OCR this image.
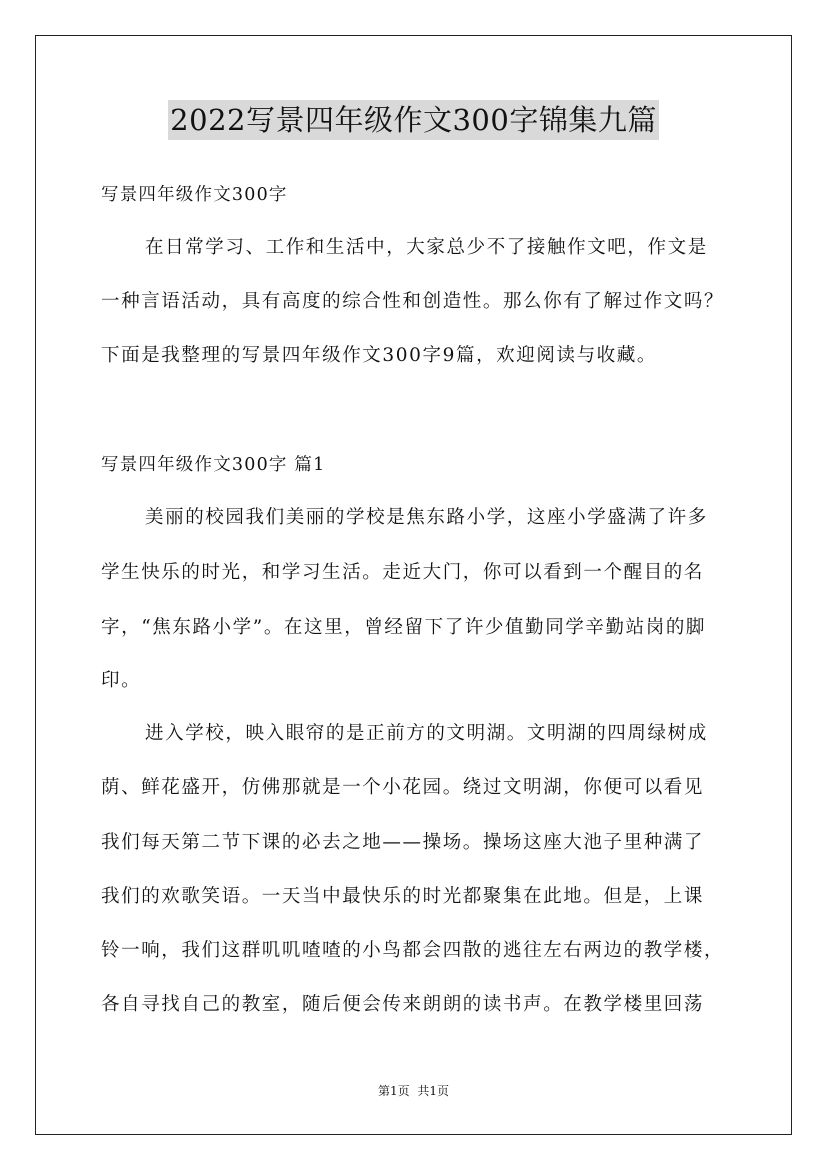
2022写景四年级作文300字锦集九篇
写景四年级作文300字
在日常学习、工作和生活中，大家总少不了接触作文吧，作文是
一种言语活动，具有高度的综合性和创造性。那么你有了解过作文吗？
下面是我整理的写景四年级作文300字9篇，欢迎阅读与收藏。
写景四年级作文300字 篇1
美丽的校园我们美丽的学校是焦东路小学，这座小学盛满了许多
学生快乐的时光，和学习生活。走近大门，你可以看到一个醒目的名
字，“焦东路小学”。在这里，曾经留下了许少值勤同学辛勤站岗的脚
印。
进入学校，映入眼帘的是正前方的文明湖。文明湖的四周绿树成
荫、鲜花盛开，仿佛那就是一个小花园。绕过文明湖，你便可以看见
我们每天第二节下课的必去之地——操场。操场这座大池子里种满了
我们的欢歌笑语。一天当中最快乐的时光都聚集在此地。但是，上课
铃一响，我们这群叽叽喳喳的小鸟都会四散的逃往左右两边的教学楼，
各自寻找自己的教室，随后便会传来朗朗的读书声。在教学楼里回荡
第1页 共1页
